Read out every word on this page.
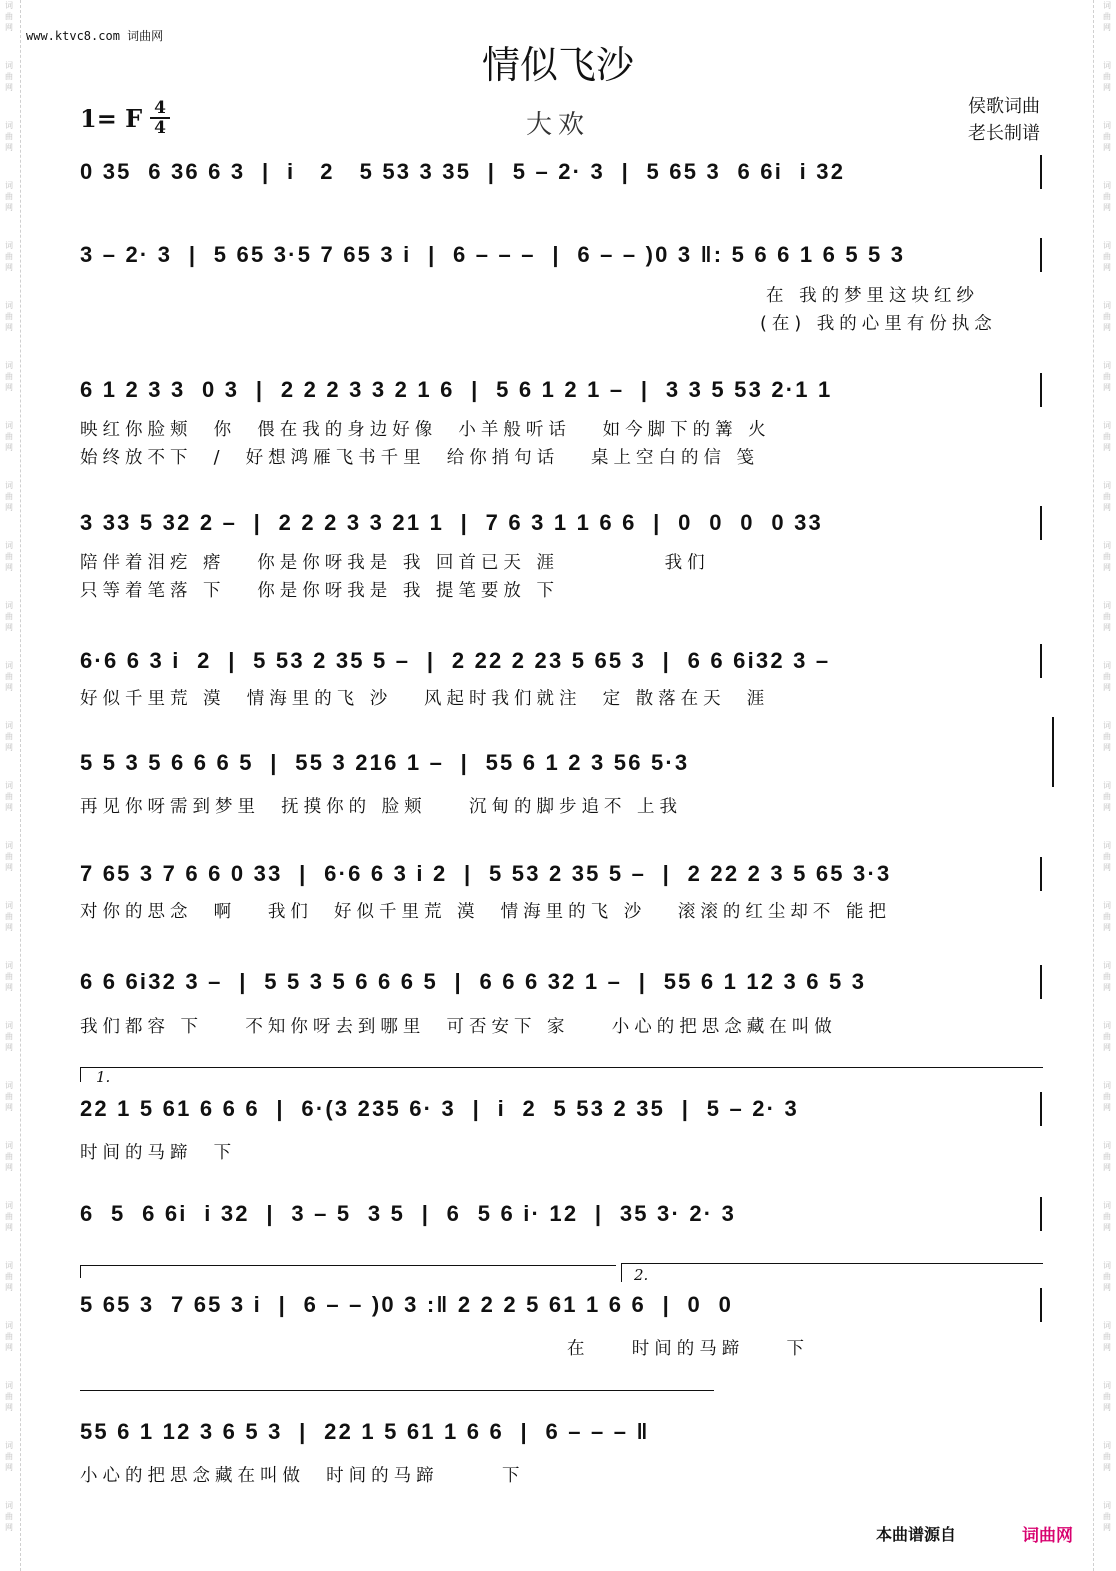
词
曲
网
词
曲
网
词
曲
网
词
曲
网
词
曲
网
词
曲
网
词
曲
网
词
曲
网
词
曲
网
词
曲
网
词
曲
网
词
曲
网
词
曲
网
词
曲
网
词
曲
网
词
曲
网
词
曲
网
词
曲
网
词
曲
网
词
曲
网
词
曲
网
词
曲
网
词
曲
网
词
曲
网
词
曲
网
词
曲
网
词
曲
网
词
曲
网
词
曲
网
词
曲
网
词
曲
网
词
曲
网
词
曲
网
词
曲
网
词
曲
网
词
曲
网
词
曲
网
词
曲
网
词
曲
网
词
曲
网
词
曲
网
词
曲
网
词
曲
网
词
曲
网
词
曲
网
词
曲
网
词
曲
网
词
曲
网
词
曲
网
词
曲
网
词
曲
网
词
曲
网
www.ktvc8.com 词曲网
情似飞沙
1= F 4
4	大欢
侯歌词曲
老长制谱
0 35  6 36 6 3  |  i   2   5 53 3 35  |  5 – 2· 3  |  5 65 3  6 6i  i 32
3 – 2· 3  |  5 65 3·5 7 65 3 i  |  6 – – –  |  6 – – )0 3 ‖: 5 6 6 1 6 5 5 3
在 我的梦里这块红纱
(在) 我的心里有份执念
6 1 2 3 3  0 3  |  2 2 2 3 3 2 1 6  |  5 6 1 2 1 –  |  3 3 5 53 2·1 1
映红你脸颊  你  偎在我的身边好像  小羊般听话   如今脚下的篝 火
始终放不下  /  好想鸿雁飞书千里  给你捎句话   桌上空白的信 笺
3 33 5 32 2 –  |  2 2 2 3 3 21 1  |  7 6 3 1 1 6 6  |  0  0  0  0 33
陪伴着泪疙 瘩   你是你呀我是 我 回首已天 涯          我们
只等着笔落 下   你是你呀我是 我 提笔要放 下
6·6 6 3 i  2  |  5 53 2 35 5 –  |  2 22 2 23 5 65 3  |  6 6 6i32 3 –
好似千里荒 漠  情海里的飞 沙   风起时我们就注  定 散落在天  涯
5 5 3 5 6 6 6 5  |  55 3 216 1 –  |  55 6 1 2 3 56 5·3
再见你呀需到梦里  抚摸你的 脸颊    沉甸的脚步追不 上我
7 65 3 7 6 6 0 33  |  6·6 6 3 i 2  |  5 53 2 35 5 –  |  2 22 2 3 5 65 3·3
对你的思念  啊   我们  好似千里荒 漠  情海里的飞 沙   滚滚的红尘却不 能把
6 6 6i32 3 –  |  5 5 3 5 6 6 6 5  |  6 6 6 32 1 –  |  55 6 1 12 3 6 5 3
我们都容 下    不知你呀去到哪里  可否安下 家    小心的把思念藏在叫做
1.
22 1 5 61 6 6 6  |  6·(3 235 6· 3  |  i  2  5 53 2 35  |  5 – 2· 3
时间的马蹄  下
6  5  6 6i  i 32  |  3 – 5  3 5  |  6  5 6 i· 12  |  35 3· 2· 3
2.
5 65 3  7 65 3 i  |  6 – – )0 3 :‖ 2 2 2 5 61 1 6 6  |  0  0
在    时间的马蹄    下
55 6 1 12 3 6 5 3  |  22 1 5 61 1 6 6  |  6 – – – ‖
小心的把思念藏在叫做  时间的马蹄      下
本曲谱源自	词曲网
